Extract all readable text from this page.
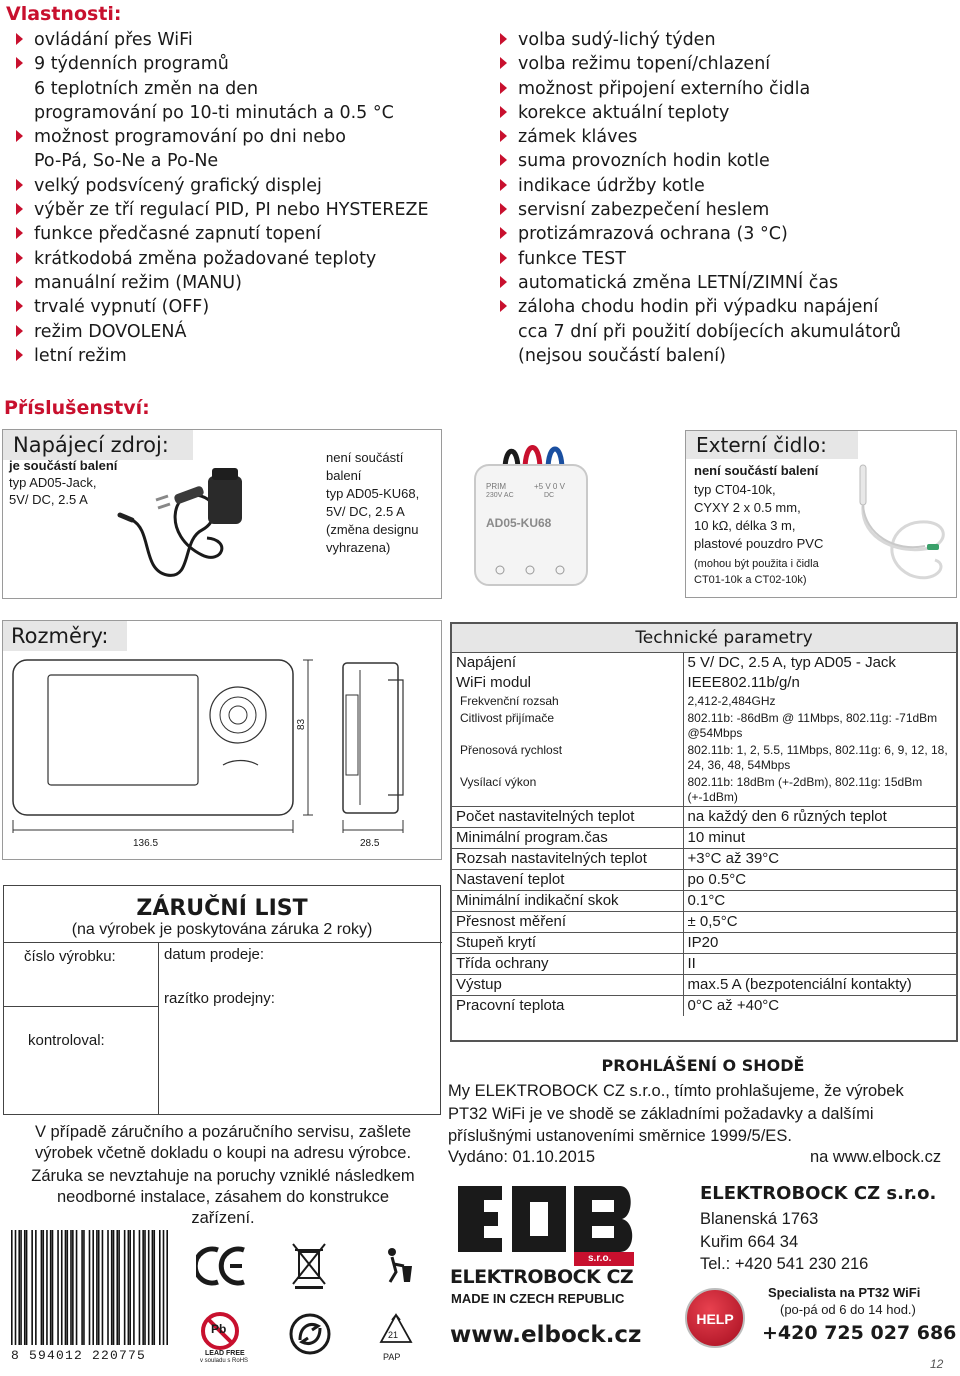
Vlastnosti:
ovládání přes WiFi
9 týdenních programů
6 teplotních změn na den
programování po 10-ti minutách a 0.5 °C
možnost programování po dni nebo
Po-Pá, So-Ne a Po-Ne
velký podsvícený grafický displej
výběr ze tří regulací PID, PI nebo HYSTEREZE
funkce předčasné zapnutí topení
krátkodobá změna požadované teploty
manuální režim (MANU)
trvalé vypnutí (OFF)
režim DOVOLENÁ
letní režim
volba sudý-lichý týden
volba režimu topení/chlazení
možnost připojení externího čidla
korekce aktuální teploty
zámek kláves
suma provozních hodin kotle
indikace údržby kotle
servisní zabezpečení heslem
protizámrazová ochrana (3 °C)
funkce TEST
automatická změna LETNÍ/ZIMNÍ čas
záloha chodu hodin při výpadku napájení
cca 7 dní při použití dobíjecích akumulátorů
(nejsou součástí balení)
Příslušenství:
Napájecí zdroj:
je součástí balení
typ AD05-Jack,
5V/ DC, 2.5 A
není součástí
balení
typ AD05-KU68,
5V/ DC, 2.5 A
(změna designu
vyhrazena)
PRIM
230V AC
+5 V 0 V
DC
AD05-KU68
Externí čidlo:
není součástí balení
typ CT04-10k,
CYXY 2 x 0.5 mm,
10 kΩ, délka 3 m,
plastové pouzdro PVC
(mohou být použita i čidla
CT01-10k a CT02-10k)
Rozměry:
83
136.5	28.5
Technické parametry
Napájení	5 V/ DC, 2.5 A, typ AD05 - Jack
WiFi modul	IEEE802.11b/g/n
Frekvenční rozsah	2,412-2,484GHz
Citlivost přijímače	802.11b: -86dBm @ 11Mbps, 802.11g: -71dBm @54Mbps
Přenosová rychlost	802.11b: 1, 2, 5.5, 11Mbps, 802.11g: 6, 9, 12, 18, 24, 36, 48, 54Mbps
Vysílací výkon	802.11b: 18dBm (+-2dBm), 802.11g: 15dBm (+-1dBm)
Počet nastavitelných teplot	na každý den 6 různých teplot
Minimální program.čas	10 minut
Rozsah nastavitelných teplot	+3°C až 39°C
Nastavení teplot	po 0.5°C
Minimální indikační skok	0.1°C
Přesnost měření	± 0,5°C
Stupeň krytí	IP20
Třída ochrany	II
Výstup	max.5 A (bezpotenciální kontakty)
Pracovní teplota	0°C až +40°C
ZÁRUČNÍ LIST
(na výrobek je poskytována záruka 2 roky)
číslo výrobku:	datum prodeje:
razítko prodejny:
kontroloval:
V případě záručního a pozáručního servisu, zašlete výrobek včetně dokladu o koupi na adresu výrobce.
Záruka se nevztahuje na poruchy vzniklé následkem neodborné instalace, zásahem do konstrukce zařízení.
8 594012 220775
Pb
LEAD FREE
v souladu s RoHS
21
PAP
PROHLÁŠENÍ O SHODĚ
My ELEKTROBOCK CZ s.r.o., tímto prohlašujeme, že výrobek PT32 WiFi je ve shodě se základními požadavky a dalšími příslušnými ustanoveními směrnice 1999/5/ES.
Vydáno: 01.10.2015	na www.elbock.cz
s.r.o.
ELEKTROBOCK CZ
MADE IN CZECH REPUBLIC
www.elbock.cz
ELEKTROBOCK CZ s.r.o.
Blanenská 1763
Kuřim 664 34
Tel.: +420 541 230 216
HELP
Specialista na PT32 WiFi
(po-pá od 6 do 14 hod.)
+420 725 027 686
12
